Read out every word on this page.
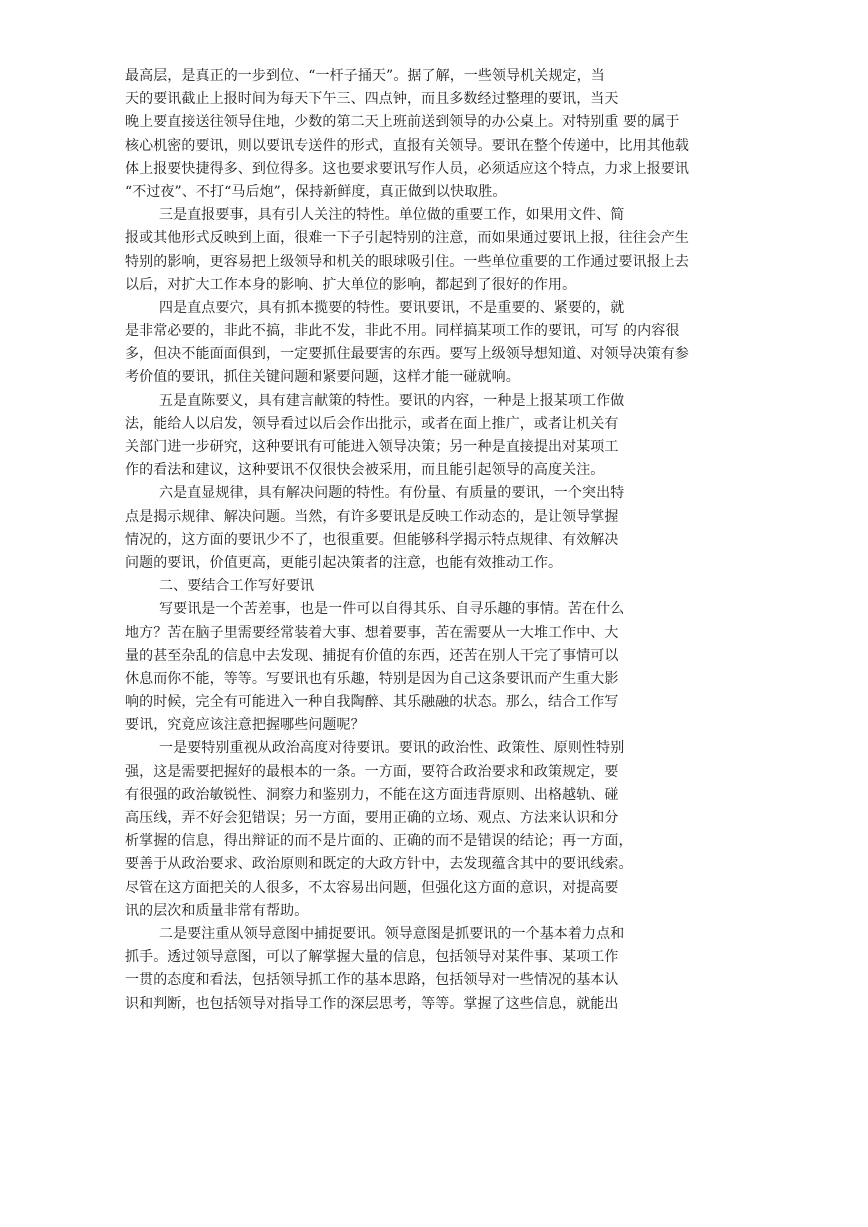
最高层，是真正的一步到位、“一杆子捅天”。据了解，一些领导机关规定，当
天的要讯截止上报时间为每天下午三、四点钟，而且多数经过整理的要讯，当天
晚上要直接送往领导住地，少数的第二天上班前送到领导的办公桌上。对特别重 要的属于
核心机密的要讯，则以要讯专送件的形式，直报有关领导。要讯在整个传递中，比用其他载
体上报要快捷得多、到位得多。这也要求要讯写作人员，必须适应这个特点，力求上报要讯
“不过夜”、不打“马后炮”，保持新鲜度，真正做到以快取胜。
三是直报要事，具有引人关注的特性。单位做的重要工作，如果用文件、简
报或其他形式反映到上面，很难一下子引起特别的注意，而如果通过要讯上报，往往会产生
特别的影响，更容易把上级领导和机关的眼球吸引住。一些单位重要的工作通过要讯报上去
以后，对扩大工作本身的影响、扩大单位的影响，都起到了很好的作用。
四是直点要穴，具有抓本揽要的特性。要讯要讯，不是重要的、紧要的，就
是非常必要的，非此不搞，非此不发，非此不用。同样搞某项工作的要讯，可写 的内容很
多，但决不能面面俱到，一定要抓住最要害的东西。要写上级领导想知道、对领导决策有参
考价值的要讯，抓住关键问题和紧要问题，这样才能一碰就响。
五是直陈要义，具有建言献策的特性。要讯的内容，一种是上报某项工作做
法，能给人以启发，领导看过以后会作出批示，或者在面上推广，或者让机关有
关部门进一步研究，这种要讯有可能进入领导决策；另一种是直接提出对某项工
作的看法和建议，这种要讯不仅很快会被采用，而且能引起领导的高度关注。
六是直显规律，具有解决问题的特性。有份量、有质量的要讯，一个突出特
点是揭示规律、解决问题。当然，有许多要讯是反映工作动态的，是让领导掌握
情况的，这方面的要讯少不了，也很重要。但能够科学揭示特点规律、有效解决
问题的要讯，价值更高，更能引起决策者的注意，也能有效推动工作。
二、要结合工作写好要讯
写要讯是一个苦差事，也是一件可以自得其乐、自寻乐趣的事情。苦在什么
地方？苦在脑子里需要经常装着大事、想着要事，苦在需要从一大堆工作中、大
量的甚至杂乱的信息中去发现、捕捉有价值的东西，还苦在别人干完了事情可以
休息而你不能，等等。写要讯也有乐趣，特别是因为自己这条要讯而产生重大影
响的时候，完全有可能进入一种自我陶醉、其乐融融的状态。那么，结合工作写
要讯，究竟应该注意把握哪些问题呢？
一是要特别重视从政治高度对待要讯。要讯的政治性、政策性、原则性特别
强，这是需要把握好的最根本的一条。一方面，要符合政治要求和政策规定，要
有很强的政治敏锐性、洞察力和鉴别力，不能在这方面违背原则、出格越轨、碰
高压线，弄不好会犯错误；另一方面，要用正确的立场、观点、方法来认识和分
析掌握的信息，得出辩证的而不是片面的、正确的而不是错误的结论；再一方面，
要善于从政治要求、政治原则和既定的大政方针中，去发现蕴含其中的要讯线索。
尽管在这方面把关的人很多，不太容易出问题，但强化这方面的意识，对提高要
讯的层次和质量非常有帮助。
二是要注重从领导意图中捕捉要讯。领导意图是抓要讯的一个基本着力点和
抓手。透过领导意图，可以了解掌握大量的信息，包括领导对某件事、某项工作
一贯的态度和看法，包括领导抓工作的基本思路，包括领导对一些情况的基本认
识和判断，也包括领导对指导工作的深层思考，等等。掌握了这些信息，就能出
